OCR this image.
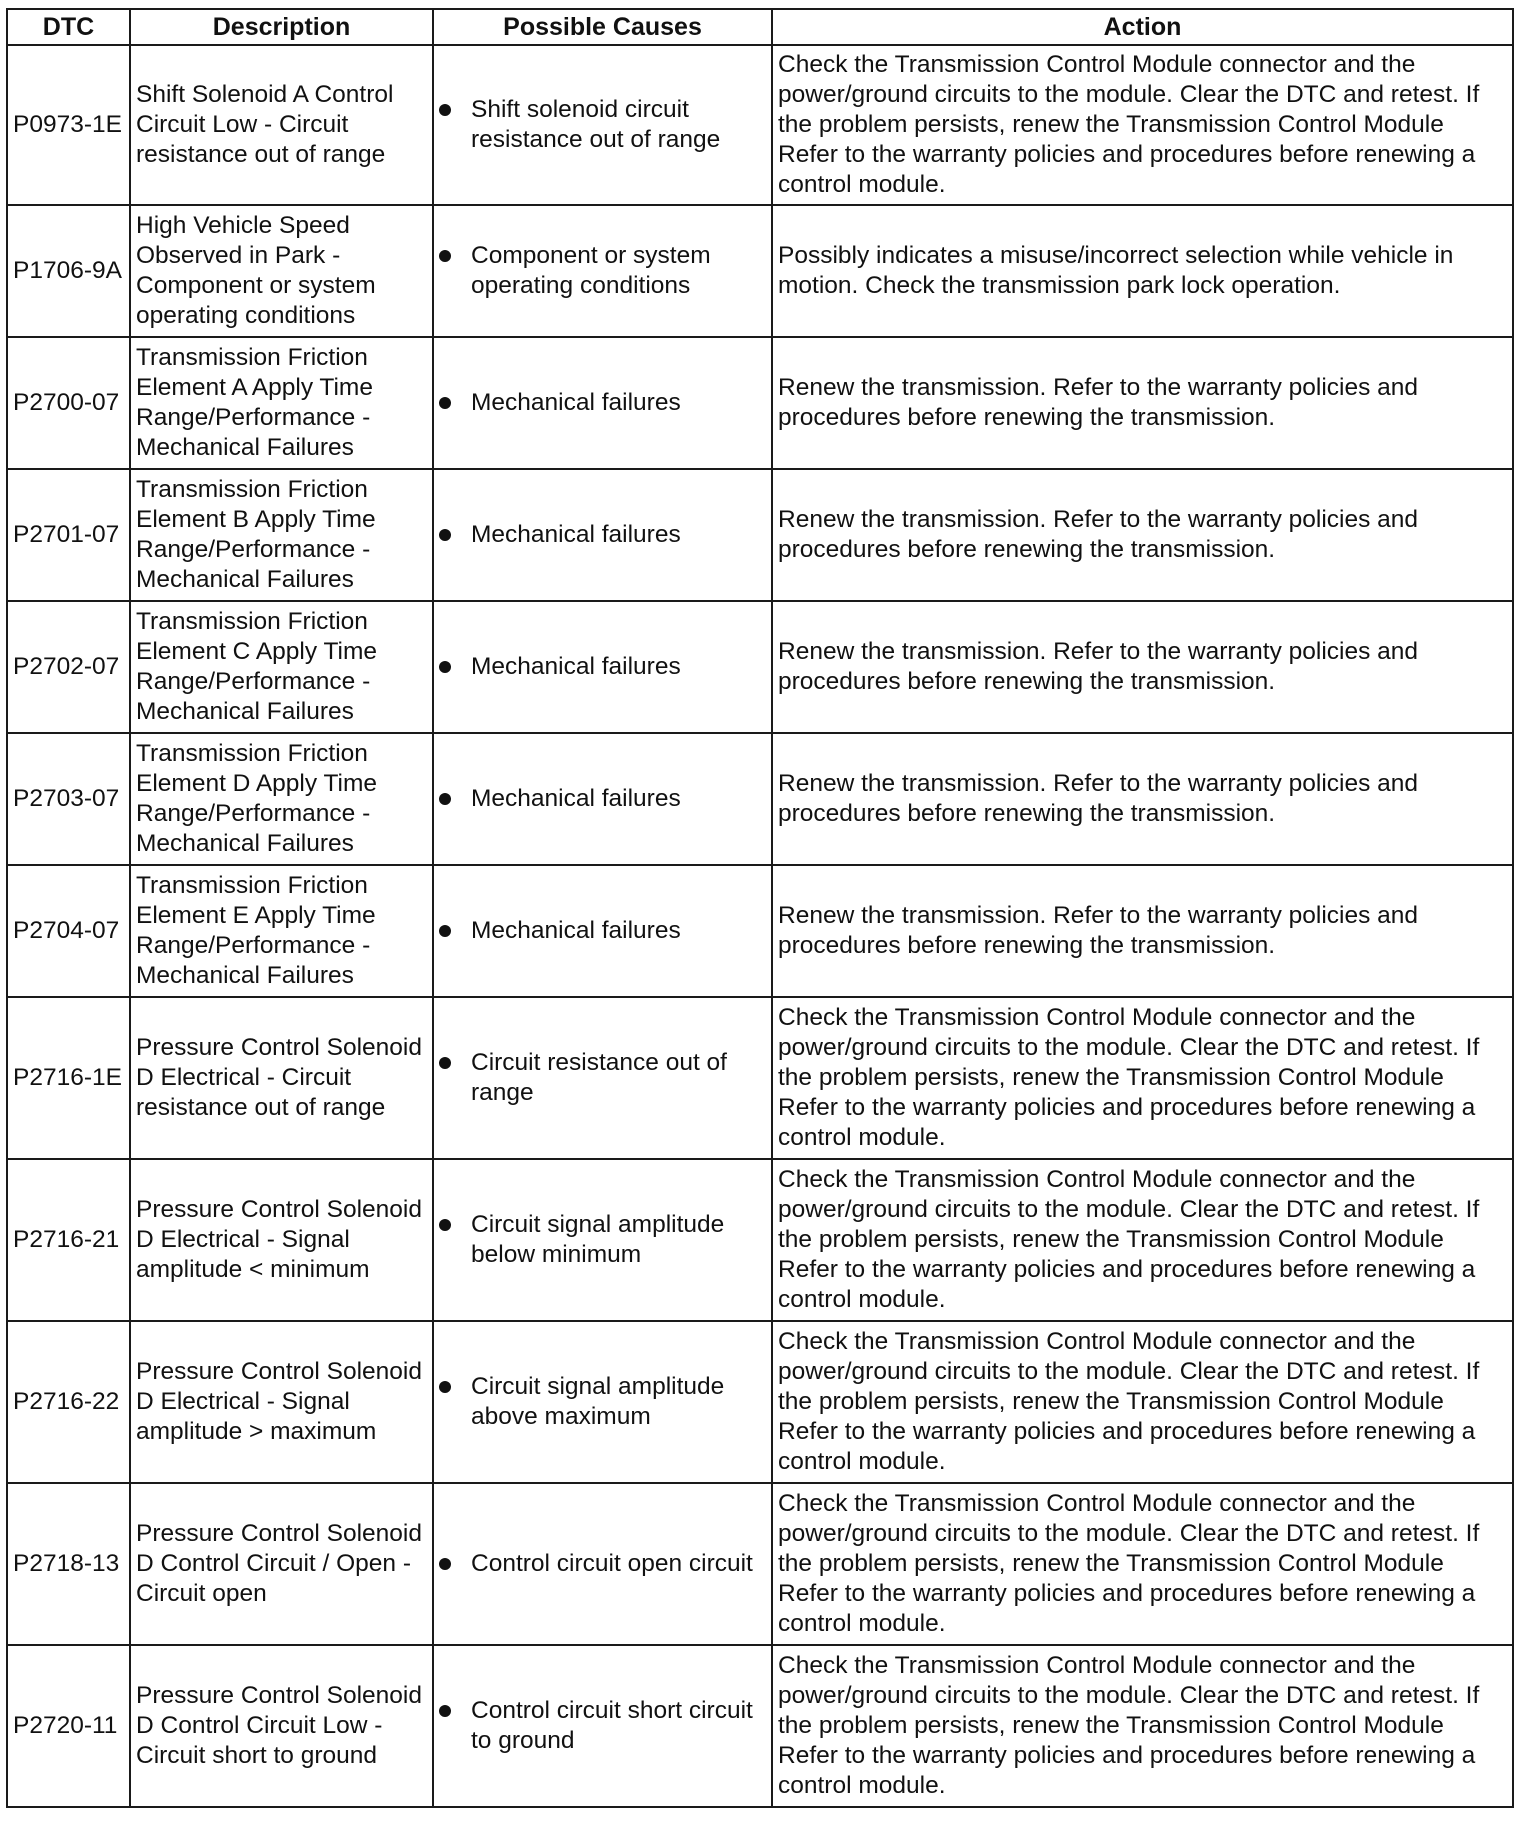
DTC	Description	Possible Causes	Action
P0973-1E	Shift Solenoid A Control Circuit Low - Circuit resistance out of range	Shift solenoid circuit resistance out of range	Check the Transmission Control Module connector and the power/ground circuits to the module. Clear the DTC and retest. If the problem persists, renew the Transmission Control Module Refer to the warranty policies and procedures before renewing a control module.
P1706-9A	High Vehicle Speed Observed in Park - Component or system operating conditions	Component or system operating conditions	Possibly indicates a misuse/incorrect selection while vehicle in motion. Check the transmission park lock operation.
P2700-07	Transmission Friction Element A Apply Time Range/Performance - Mechanical Failures	Mechanical failures	Renew the transmission. Refer to the warranty policies and procedures before renewing the transmission.
P2701-07	Transmission Friction Element B Apply Time Range/Performance - Mechanical Failures	Mechanical failures	Renew the transmission. Refer to the warranty policies and procedures before renewing the transmission.
P2702-07	Transmission Friction Element C Apply Time Range/Performance - Mechanical Failures	Mechanical failures	Renew the transmission. Refer to the warranty policies and procedures before renewing the transmission.
P2703-07	Transmission Friction Element D Apply Time Range/Performance - Mechanical Failures	Mechanical failures	Renew the transmission. Refer to the warranty policies and procedures before renewing the transmission.
P2704-07	Transmission Friction Element E Apply Time Range/Performance - Mechanical Failures	Mechanical failures	Renew the transmission. Refer to the warranty policies and procedures before renewing the transmission.
P2716-1E	Pressure Control Solenoid D Electrical - Circuit resistance out of range	Circuit resistance out of range	Check the Transmission Control Module connector and the power/ground circuits to the module. Clear the DTC and retest. If the problem persists, renew the Transmission Control Module Refer to the warranty policies and procedures before renewing a control module.
P2716-21	Pressure Control Solenoid D Electrical - Signal amplitude < minimum	Circuit signal amplitude below minimum	Check the Transmission Control Module connector and the power/ground circuits to the module. Clear the DTC and retest. If the problem persists, renew the Transmission Control Module Refer to the warranty policies and procedures before renewing a control module.
P2716-22	Pressure Control Solenoid D Electrical - Signal amplitude > maximum	Circuit signal amplitude above maximum	Check the Transmission Control Module connector and the power/ground circuits to the module. Clear the DTC and retest. If the problem persists, renew the Transmission Control Module Refer to the warranty policies and procedures before renewing a control module.
P2718-13	Pressure Control Solenoid D Control Circuit / Open - Circuit open	Control circuit open circuit	Check the Transmission Control Module connector and the power/ground circuits to the module. Clear the DTC and retest. If the problem persists, renew the Transmission Control Module Refer to the warranty policies and procedures before renewing a control module.
P2720-11	Pressure Control Solenoid D Control Circuit Low - Circuit short to ground	Control circuit short circuit to ground	Check the Transmission Control Module connector and the power/ground circuits to the module. Clear the DTC and retest. If the problem persists, renew the Transmission Control Module Refer to the warranty policies and procedures before renewing a control module.
